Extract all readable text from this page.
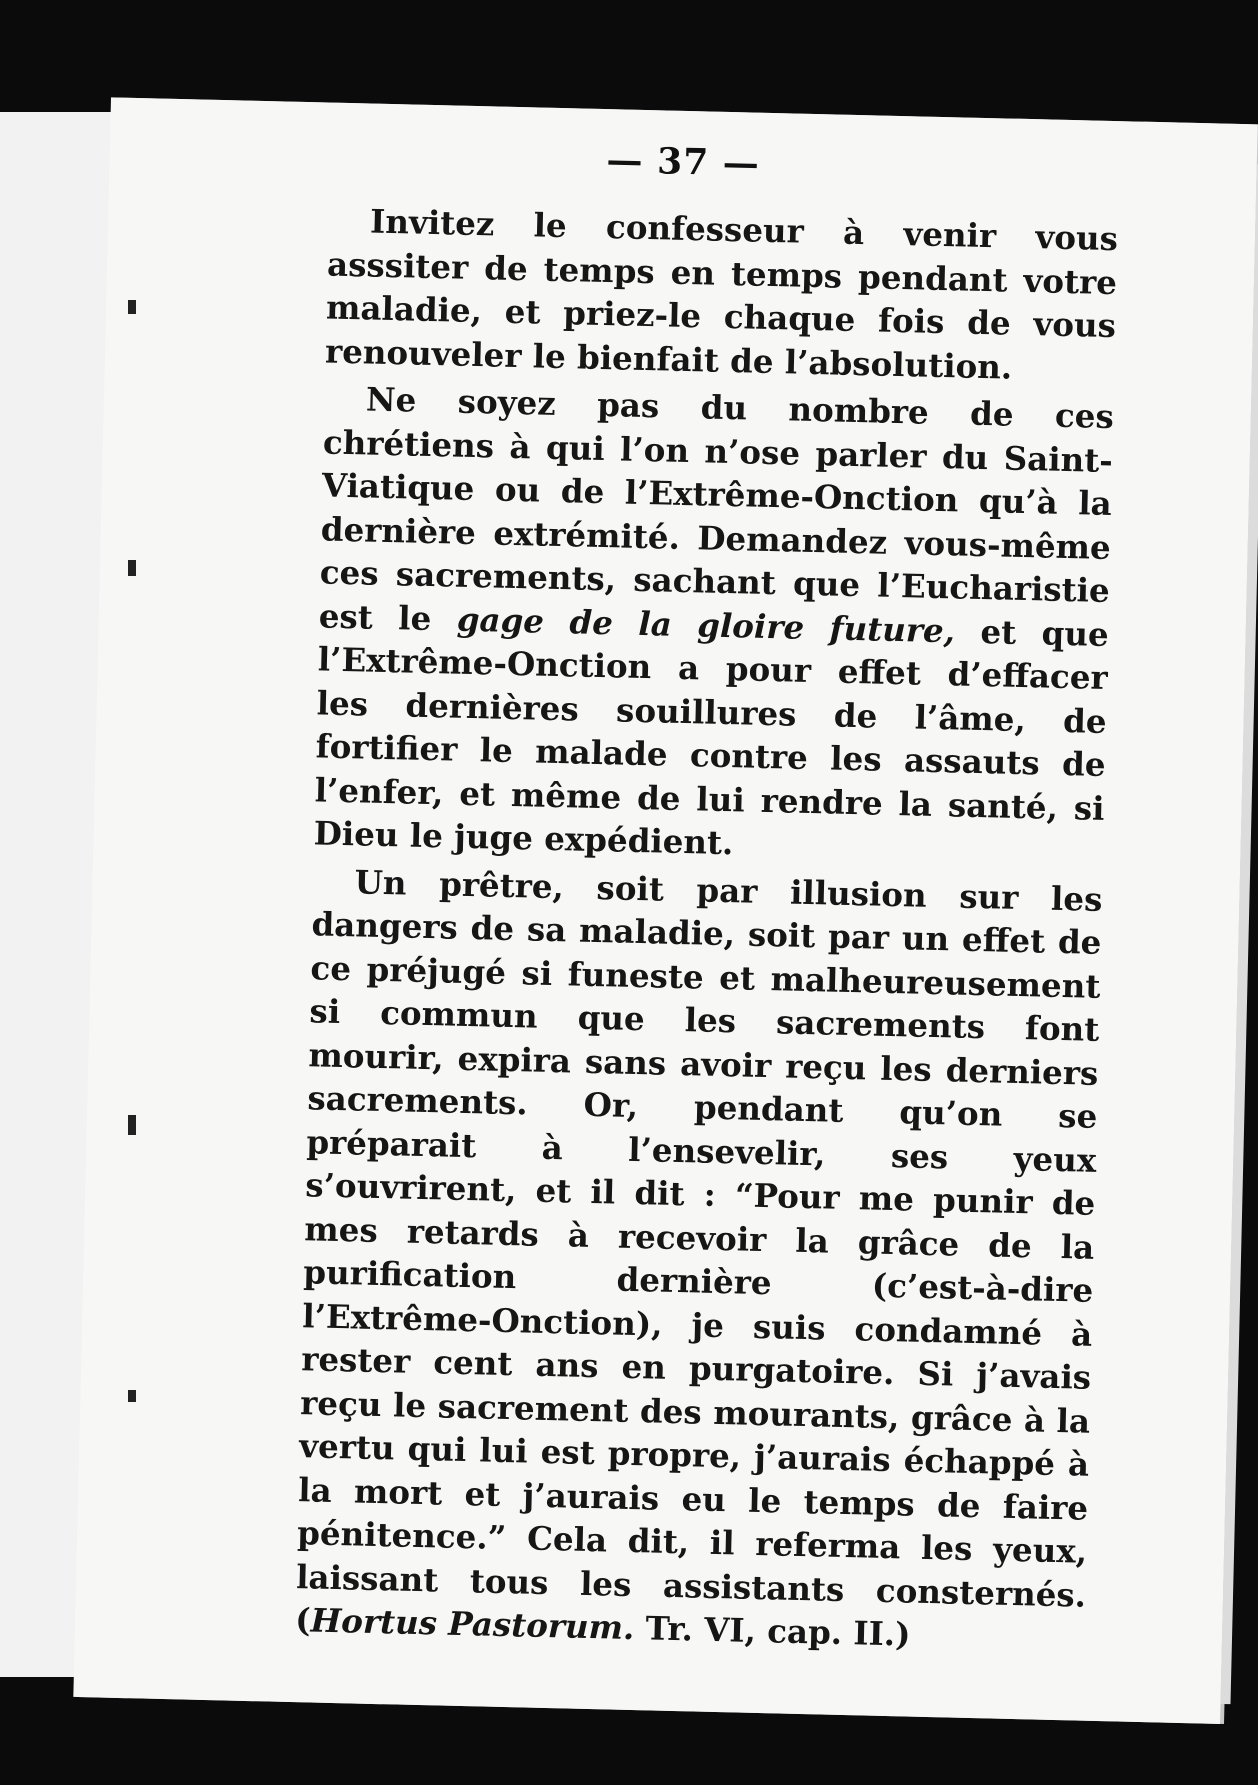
— 37 —

Invitez le confesseur à venir vous asssiter de temps en temps pendant votre maladie, et priez-le chaque fois de vous renouveler le bienfait de l’absolution.

Ne soyez pas du nombre de ces chrétiens à qui l’on n’ose parler du Saint-Viatique ou de l’Extrême-Onction qu’à la dernière extrémité. Demandez vous-même ces sacrements, sachant que l’Eucharistie est le gage de la gloire future, et que l’Extrême-Onction a pour effet d’effacer les dernières souillures de l’âme, de fortifier le malade contre les assauts de l’enfer, et même de lui rendre la santé, si Dieu le juge expédient.

Un prêtre, soit par illusion sur les dangers de sa maladie, soit par un effet de ce préjugé si funeste et malheureusement si commun que les sacrements font mourir, expira sans avoir reçu les derniers sacrements. Or, pendant qu’on se préparait à l’ensevelir, ses yeux s’ouvrirent, et il dit : “Pour me punir de mes retards à recevoir la grâce de la purification dernière (c’est-à-dire l’Extrême-Onction), je suis condamné à rester cent ans en purgatoire. Si j’avais reçu le sacrement des mourants, grâce à la vertu qui lui est propre, j’aurais échappé à la mort et j’aurais eu le temps de faire pénitence.” Cela dit, il referma les yeux, laissant tous les assistants consternés. (Hortus Pastorum. Tr. VI, cap. II.)
